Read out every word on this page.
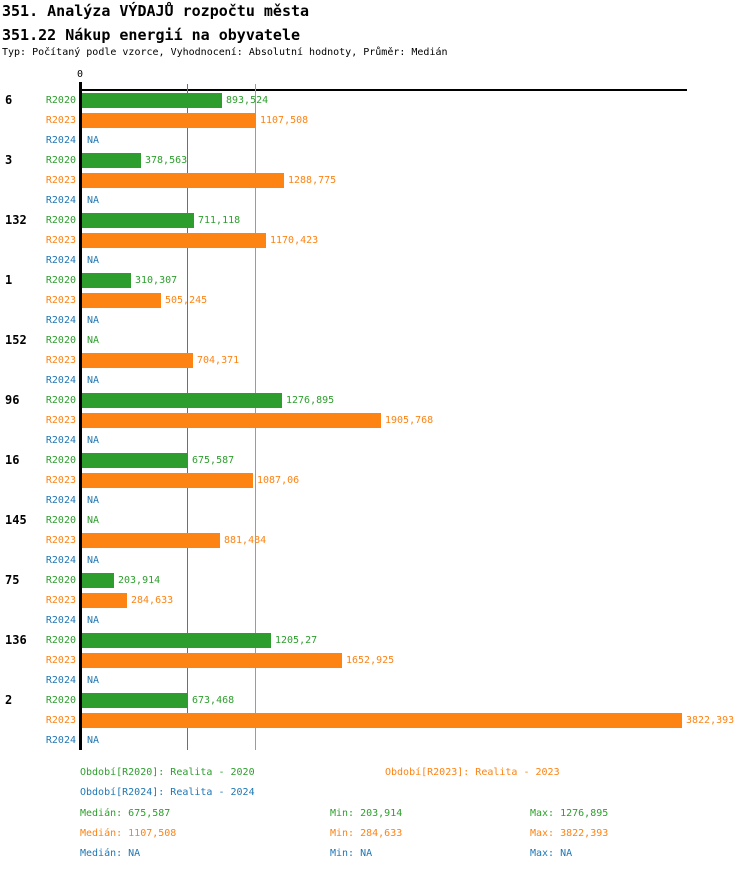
351. Analýza VÝDAJŮ rozpočtu města
351.22 Nákup energií na obyvatele
Typ: Počítaný podle vzorce, Vyhodnocení: Absolutní hodnoty, Průměr: Medián
0
6	R2020	893,524
R2023	1107,508
R2024 NA
3	R2020	378,563
R2023	1288,775
R2024 NA
132	R2020	711,118
R2023	1170,423
R2024 NA
1	R2020	310,307
R2023	505,245
R2024 NA
152	R2020 NA
R2023	704,371
R2024 NA
96	R2020	1276,895
R2023	1905,768
R2024 NA
16	R2020	675,587
R2023	1087,06
R2024 NA
145	R2020 NA
R2023	881,484
R2024 NA
75	R2020	203,914
R2023	284,633
R2024 NA
136	R2020	1205,27
R2023	1652,925
R2024 NA
2	R2020	673,468
R2023	3822,393
R2024 NA
Období[R2020]: Realita - 2020	Období[R2023]: Realita - 2023
Období[R2024]: Realita - 2024
Medián: 675,587	Min: 203,914	Max: 1276,895
Medián: 1107,508	Min: 284,633	Max: 3822,393
Medián: NA	Min: NA	Max: NA
